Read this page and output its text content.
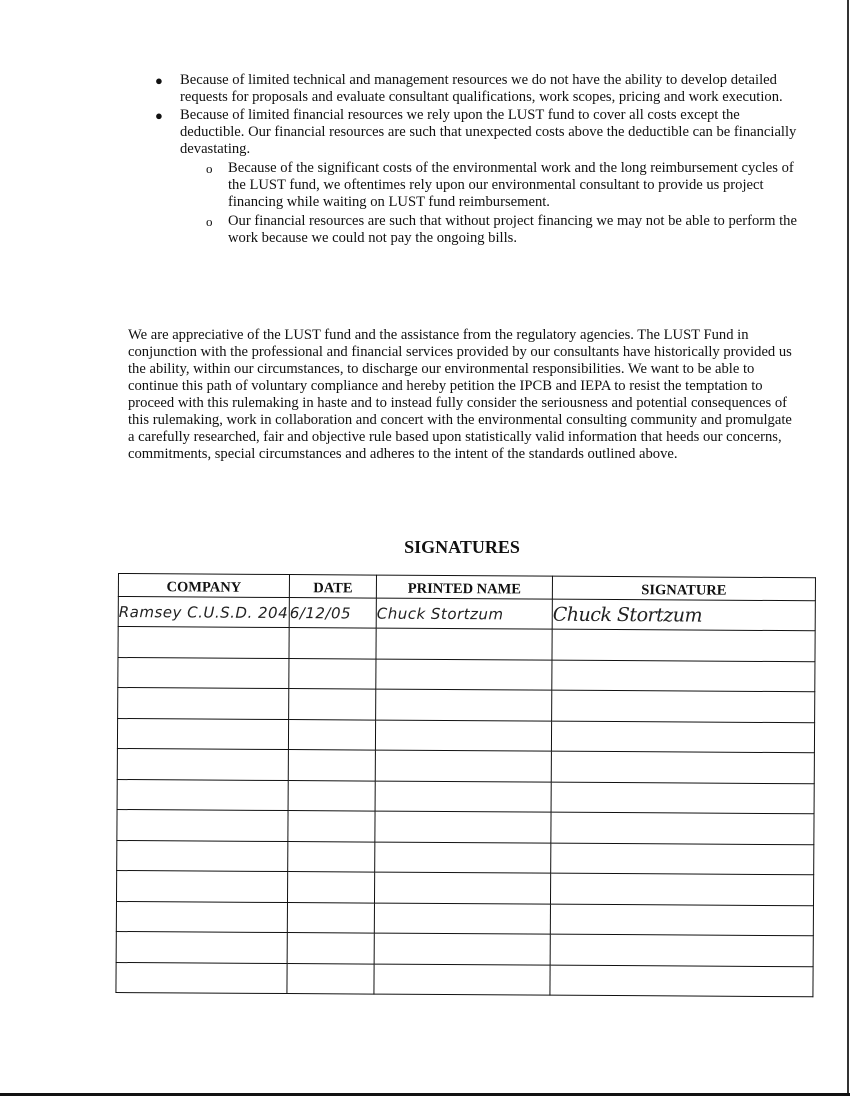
● Because of limited technical and management resources we do not have the ability to develop detailed requests for proposals and evaluate consultant qualifications, work scopes, pricing and work execution.
● Because of limited financial resources we rely upon the LUST fund to cover all costs except the deductible. Our financial resources are such that unexpected costs above the deductible can be financially devastating.
o Because of the significant costs of the environmental work and the long reimbursement cycles of the LUST fund, we oftentimes rely upon our environmental consultant to provide us project financing while waiting on LUST fund reimbursement.
o Our financial resources are such that without project financing we may not be able to perform the work because we could not pay the ongoing bills.
We are appreciative of the LUST fund and the assistance from the regulatory agencies. The LUST Fund in conjunction with the professional and financial services provided by our consultants have historically provided us the ability, within our circumstances, to discharge our environmental responsibilities. We want to be able to continue this path of voluntary compliance and hereby petition the IPCB and IEPA to resist the temptation to proceed with this rulemaking in haste and to instead fully consider the seriousness and potential consequences of this rulemaking, work in collaboration and concert with the environmental consulting community and promulgate a carefully researched, fair and objective rule based upon statistically valid information that heeds our concerns, commitments, special circumstances and adheres to the intent of the standards outlined above.
SIGNATURES
COMPANY	DATE	PRINTED NAME	SIGNATURE
Ramsey C.U.S.D. 204	6/12/05	Chuck Stortzum	Chuck Stortzum
